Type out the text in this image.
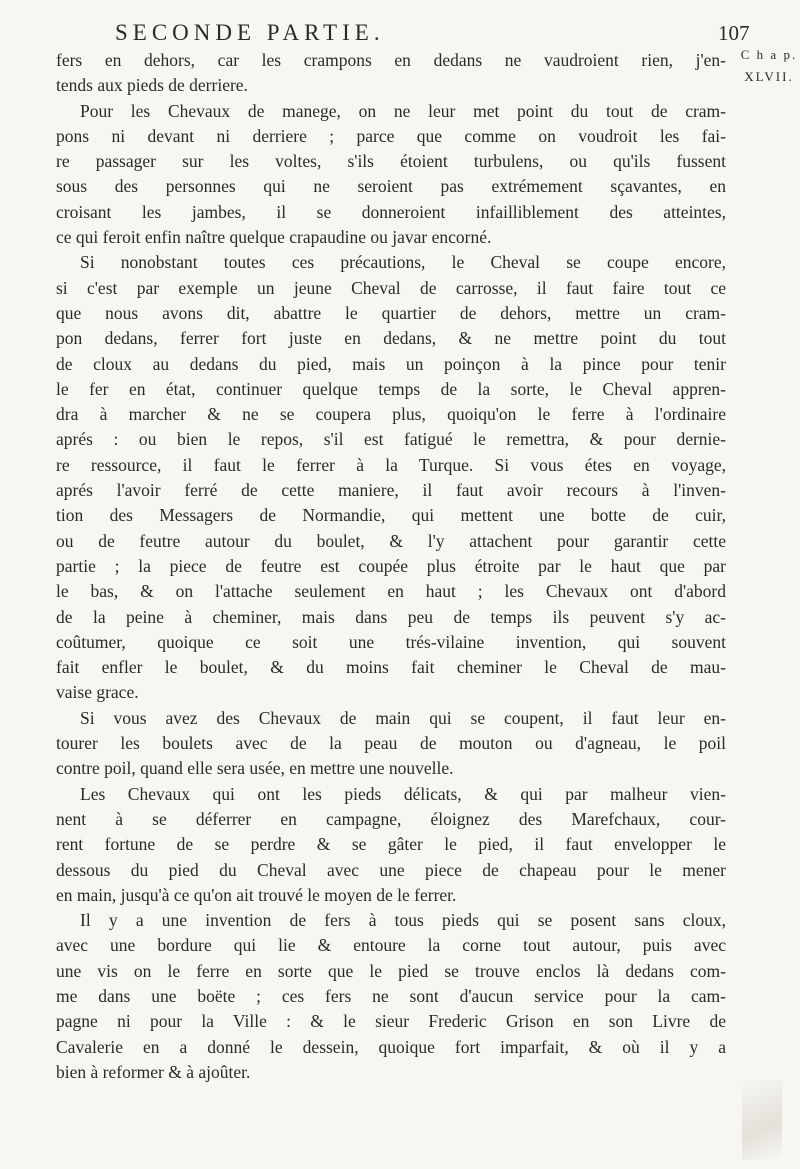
SECONDE PARTIE.	107
C h a p.
XLVII.
fers en dehors, car les crampons en dedans ne vaudroient rien, j'en-
tends aux pieds de derriere.
Pour les Chevaux de manege, on ne leur met point du tout de cram-
pons ni devant ni derriere ; parce que comme on voudroit les fai-
re passager sur les voltes, s'ils étoient turbulens, ou qu'ils fussent
sous des personnes qui ne seroient pas extrémement sçavantes, en
croisant les jambes, il se donneroient infailliblement des atteintes,
ce qui feroit enfin naître quelque crapaudine ou javar encorné.
Si nonobstant toutes ces précautions, le Cheval se coupe encore,
si c'est par exemple un jeune Cheval de carrosse, il faut faire tout ce
que nous avons dit, abattre le quartier de dehors, mettre un cram-
pon dedans, ferrer fort juste en dedans, & ne mettre point du tout
de cloux au dedans du pied, mais un poinçon à la pince pour tenir
le fer en état, continuer quelque temps de la sorte, le Cheval appren-
dra à marcher & ne se coupera plus, quoiqu'on le ferre à l'ordinaire
aprés : ou bien le repos, s'il est fatigué le remettra, & pour dernie-
re ressource, il faut le ferrer à la Turque. Si vous étes en voyage,
aprés l'avoir ferré de cette maniere, il faut avoir recours à l'inven-
tion des Messagers de Normandie, qui mettent une botte de cuir,
ou de feutre autour du boulet, & l'y attachent pour garantir cette
partie ; la piece de feutre est coupée plus étroite par le haut que par
le bas, & on l'attache seulement en haut ; les Chevaux ont d'abord
de la peine à cheminer, mais dans peu de temps ils peuvent s'y ac-
coûtumer, quoique ce soit une trés-vilaine invention, qui souvent
fait enfler le boulet, & du moins fait cheminer le Cheval de mau-
vaise grace.
Si vous avez des Chevaux de main qui se coupent, il faut leur en-
tourer les boulets avec de la peau de mouton ou d'agneau, le poil
contre poil, quand elle sera usée, en mettre une nouvelle.
Les Chevaux qui ont les pieds délicats, & qui par malheur vien-
nent à se déferrer en campagne, éloignez des Marefchaux, cour-
rent fortune de se perdre & se gâter le pied, il faut envelopper le
dessous du pied du Cheval avec une piece de chapeau pour le mener
en main, jusqu'à ce qu'on ait trouvé le moyen de le ferrer.
Il y a une invention de fers à tous pieds qui se posent sans cloux,
avec une bordure qui lie & entoure la corne tout autour, puis avec
une vis on le ferre en sorte que le pied se trouve enclos là dedans com-
me dans une boëte ; ces fers ne sont d'aucun service pour la cam-
pagne ni pour la Ville : & le sieur Frederic Grison en son Livre de
Cavalerie en a donné le dessein, quoique fort imparfait, & où il y a
bien à reformer & à ajoûter.
